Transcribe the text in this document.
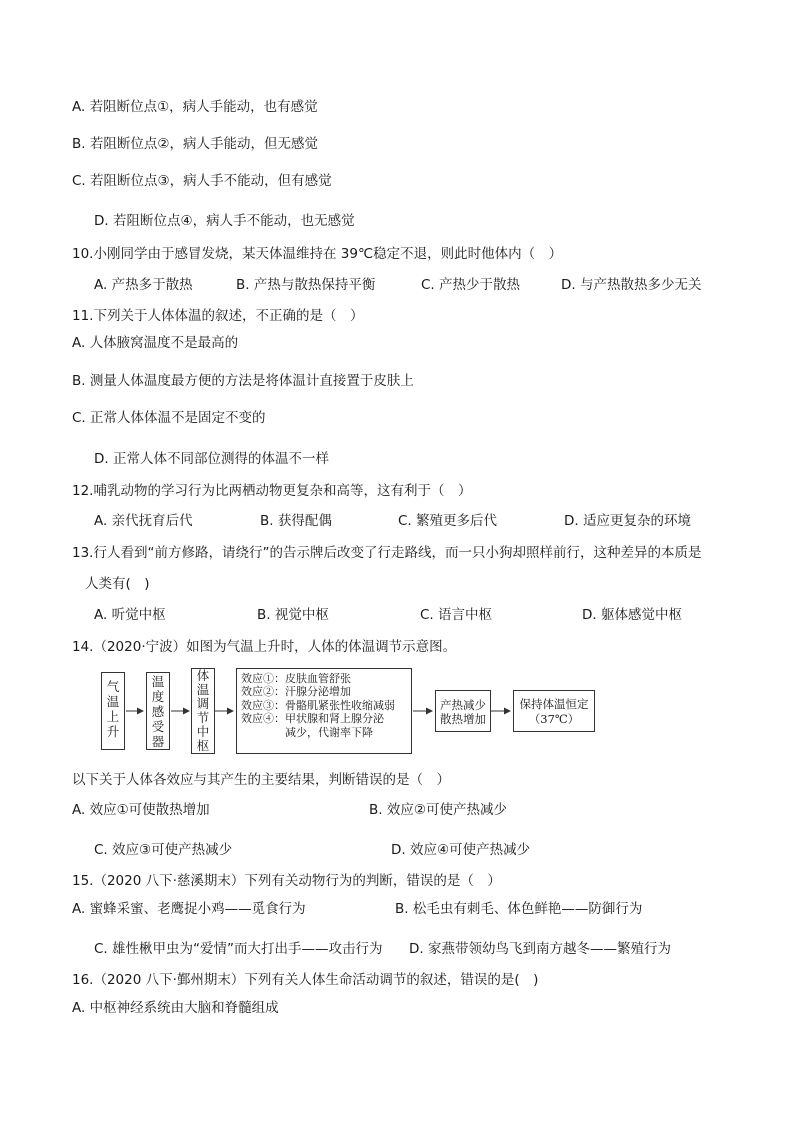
A. 若阻断位点①，病人手能动，也有感觉
B. 若阻断位点②，病人手能动，但无感觉
C. 若阻断位点③，病人手不能动，但有感觉
D. 若阻断位点④，病人手不能动，也无感觉
10.小刚同学由于感冒发烧，某天体温维持在 39℃稳定不退，则此时他体内（　）
A. 产热多于散热	B. 产热与散热保持平衡	C. 产热少于散热	D. 与产热散热多少无关
11.下列关于人体体温的叙述，不正确的是（　）
A. 人体腋窝温度不是最高的
B. 测量人体温度最方便的方法是将体温计直接置于皮肤上
C. 正常人体体温不是固定不变的
D. 正常人体不同部位测得的体温不一样
12.哺乳动物的学习行为比两栖动物更复杂和高等，这有利于（　）
A. 亲代抚育后代	B. 获得配偶	C. 繁殖更多后代	D. 适应更复杂的环境
13.行人看到“前方修路，请绕行”的告示牌后改变了行走路线，而一只小狗却照样前行，这种差异的本质是
人类有(　)
A. 听觉中枢	B. 视觉中枢	C. 语言中枢	D. 躯体感觉中枢
14.（2020·宁波）如图为气温上升时，人体的体温调节示意图。
气
温
上
升
温
度
感
受
器
体
温
调
节
中
枢
效应①：皮肤血管舒张
效应②：汗腺分泌增加
效应③：骨骼肌紧张性收缩减弱
效应④：甲状腺和肾上腺分泌
　　　　减少，代谢率下降
产热减少
散热增加
保持体温恒定
（37℃）
以下关于人体各效应与其产生的主要结果，判断错误的是（　）
A. 效应①可使散热增加	B. 效应②可使产热减少
C. 效应③可使产热减少	D. 效应④可使产热减少
15.（2020 八下·慈溪期末）下列有关动物行为的判断，错误的是（　）
A. 蜜蜂采蜜、老鹰捉小鸡——觅食行为	B. 松毛虫有刺毛、体色鲜艳——防御行为
C. 雄性楸甲虫为“爱情”而大打出手——攻击行为 D. 家燕带领幼鸟飞到南方越冬——繁殖行为
16.（2020 八下·鄞州期末）下列有关人体生命活动调节的叙述，错误的是(　)
A. 中枢神经系统由大脑和脊髓组成
